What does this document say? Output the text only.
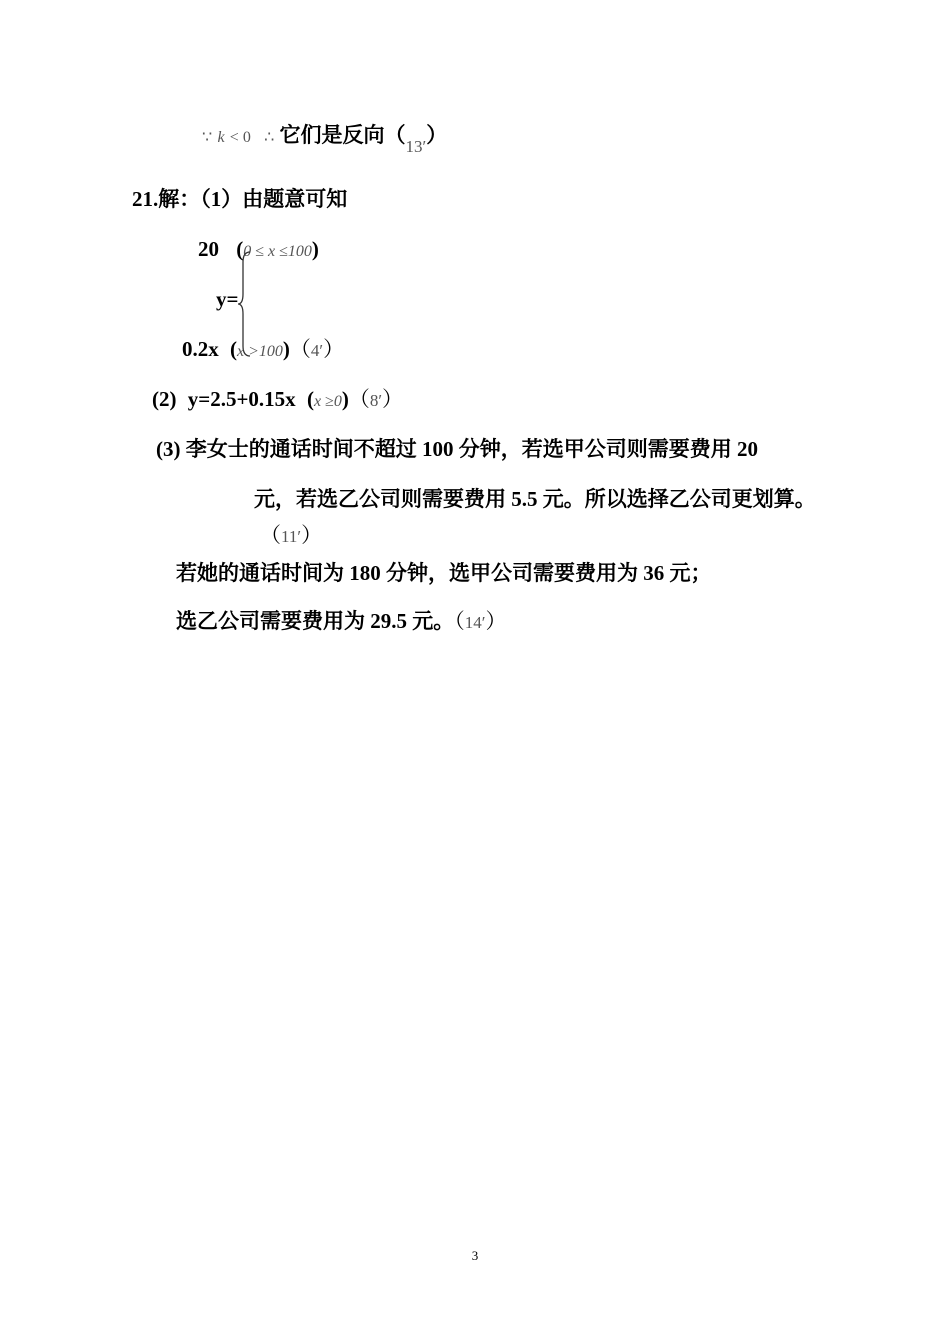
∵ k < 0 ∴ 它们是反向$(_{13'})$
21.解：（1）由题意可知
20 (0 ≤ x ≤100)
y=
0.2x (x >100)（4′）
(2) y=2.5+0.15x (x ≥0)（8′）
(3) 李女士的通话时间不超过 100 分钟，若选甲公司则需要费用 20
元，若选乙公司则需要费用 5.5 元。所以选择乙公司更划算。
（11′）
若她的通话时间为 180 分钟，选甲公司需要费用为 36 元；
选乙公司需要费用为 29.5 元。（14′）
3
